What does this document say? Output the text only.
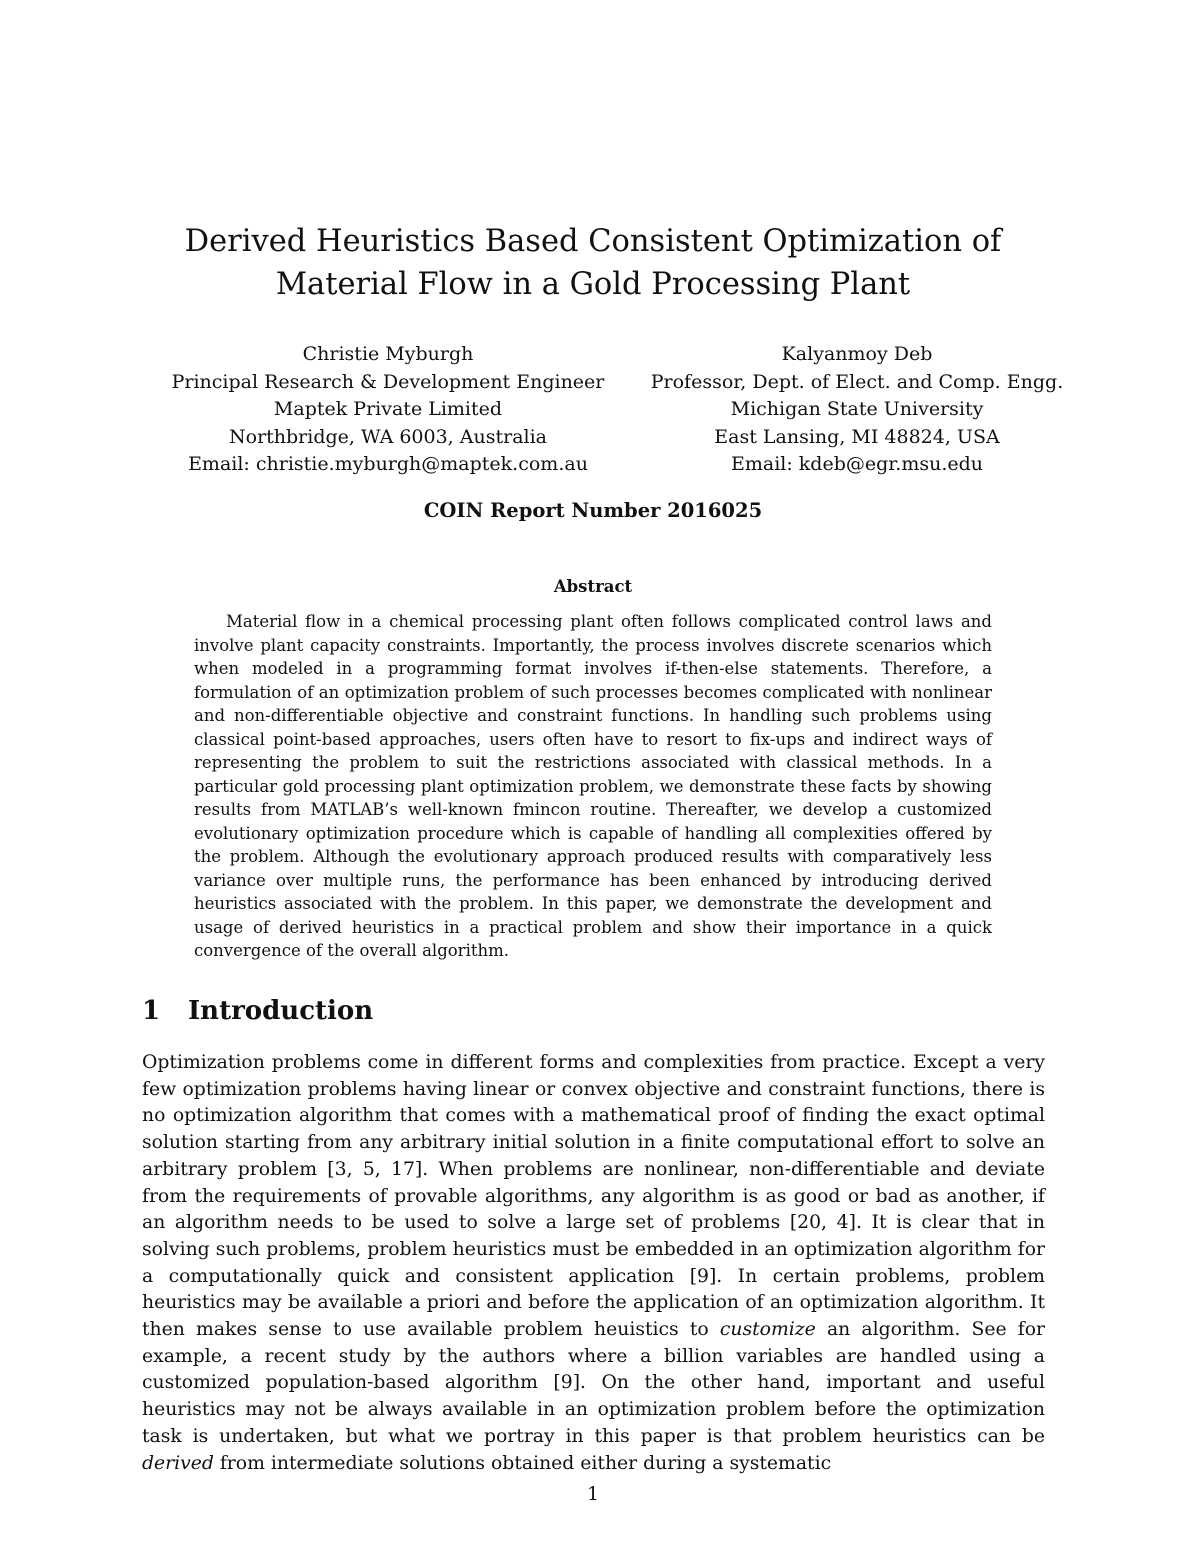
Derived Heuristics Based Consistent Optimization of Material Flow in a Gold Processing Plant
Christie Myburgh
Principal Research & Development Engineer
Maptek Private Limited
Northbridge, WA 6003, Australia
Email: christie.myburgh@maptek.com.au
Kalyanmoy Deb
Professor, Dept. of Elect. and Comp. Engg.
Michigan State University
East Lansing, MI 48824, USA
Email: kdeb@egr.msu.edu
COIN Report Number 2016025
Abstract

Material flow in a chemical processing plant often follows complicated control laws and involve plant capacity constraints. Importantly, the process involves discrete scenarios which when modeled in a programming format involves if-then-else statements. Therefore, a formulation of an optimization problem of such processes becomes complicated with nonlinear and non-differentiable objective and constraint functions. In handling such problems using classical point-based approaches, users often have to resort to fix-ups and indirect ways of representing the problem to suit the restrictions associated with classical methods. In a particular gold processing plant optimization problem, we demonstrate these facts by showing results from MATLAB’s well-known fmincon routine. Thereafter, we develop a customized evolutionary optimization procedure which is capable of handling all complexities offered by the problem. Although the evolutionary approach produced results with comparatively less variance over multiple runs, the performance has been enhanced by introducing derived heuristics associated with the problem. In this paper, we demonstrate the development and usage of derived heuristics in a practical problem and show their importance in a quick convergence of the overall algorithm.

1 Introduction

Optimization problems come in different forms and complexities from practice. Except a very few optimization problems having linear or convex objective and constraint functions, there is no optimization algorithm that comes with a mathematical proof of finding the exact optimal solution starting from any arbitrary initial solution in a finite computational effort to solve an arbitrary problem [3, 5, 17]. When problems are nonlinear, non-differentiable and deviate from the requirements of provable algorithms, any algorithm is as good or bad as another, if an algorithm needs to be used to solve a large set of problems [20, 4]. It is clear that in solving such problems, problem heuristics must be embedded in an optimization algorithm for a computationally quick and consistent application [9]. In certain problems, problem heuristics may be available a priori and before the application of an optimization algorithm. It then makes sense to use available problem heuistics to customize an algorithm. See for example, a recent study by the authors where a billion variables are handled using a customized population-based algorithm [9]. On the other hand, important and useful heuristics may not be always available in an optimization problem before the optimization task is undertaken, but what we portray in this paper is that problem heuristics can be derived from intermediate solutions obtained either during a systematic

1
